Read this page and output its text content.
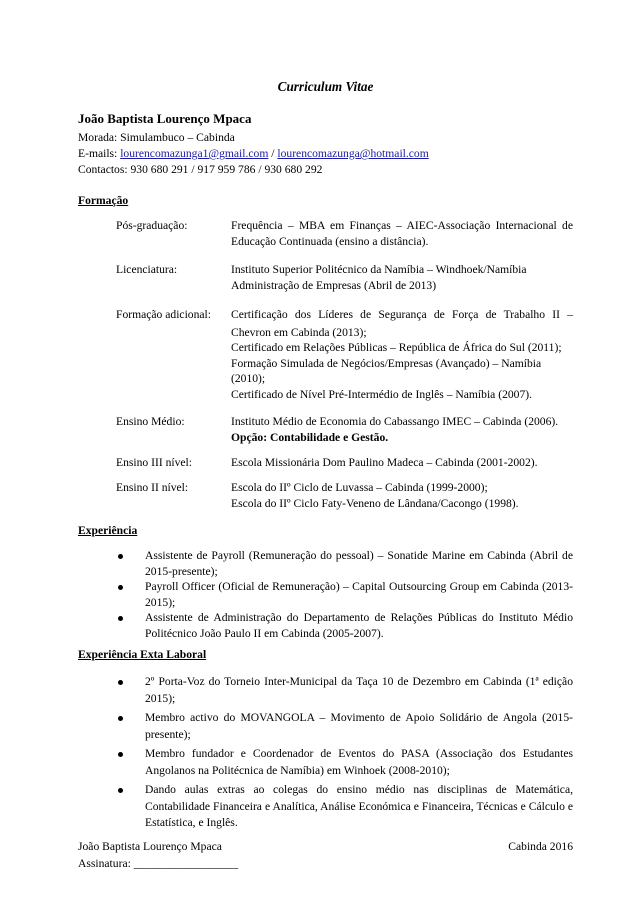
Curriculum Vitae
João Baptista Lourenço Mpaca
Morada: Simulambuco – Cabinda
E-mails: lourencomazunga1@gmail.com / lourencomazunga@hotmail.com
Contactos: 930 680 291 / 917 959 786 / 930 680 292
Formação
Pós-graduação:	Frequência – MBA em Finanças – AIEC-Associação Internacional de
Educação Continuada (ensino a distância).
Licenciatura:	Instituto Superior Politécnico da Namíbia – Windhoek/Namíbia
Administração de Empresas (Abril de 2013)
Formação adicional:	Certificação dos Líderes de Segurança de Força de Trabalho II –
Chevron em Cabinda (2013);
Certificado em Relações Públicas – República de África do Sul (2011);
Formação Simulada de Negócios/Empresas (Avançado) – Namíbia
(2010);
Certificado de Nível Pré-Intermédio de Inglês – Namíbia (2007).
Ensino Médio:	Instituto Médio de Economia do Cabassango IMEC – Cabinda (2006).
Opção: Contabilidade e Gestão.
Ensino III nível:	Escola Missionária Dom Paulino Madeca – Cabinda (2001-2002).
Ensino II nível:	Escola do IIº Ciclo de Luvassa – Cabinda (1999-2000);
Escola do IIº Ciclo Faty-Veneno de Lândana/Cacongo (1998).
Experiência
Assistente de Payroll (Remuneração do pessoal) – Sonatide Marine em Cabinda (Abril de 2015-presente);
Payroll Officer (Oficial de Remuneração) – Capital Outsourcing Group em Cabinda (2013-2015);
Assistente de Administração do Departamento de Relações Públicas do Instituto Médio Politécnico João Paulo II em Cabinda (2005-2007).
Experiência Exta Laboral
2º Porta-Voz do Torneio Inter-Municipal da Taça 10 de Dezembro em Cabinda (1ª edição 2015);
Membro activo do MOVANGOLA – Movimento de Apoio Solidário de Angola (2015-presente);
Membro fundador e Coordenador de Eventos do PASA (Associação dos Estudantes Angolanos na Politécnica de Namíbia) em Winhoek (2008-2010);
Dando aulas extras ao colegas do ensino médio nas disciplinas de Matemática, Contabilidade Financeira e Analítica, Análise Económica e Financeira, Técnicas e Cálculo e Estatística, e Inglês.
João Baptista Lourenço Mpaca	Cabinda 2016
Assinatura: __________________
